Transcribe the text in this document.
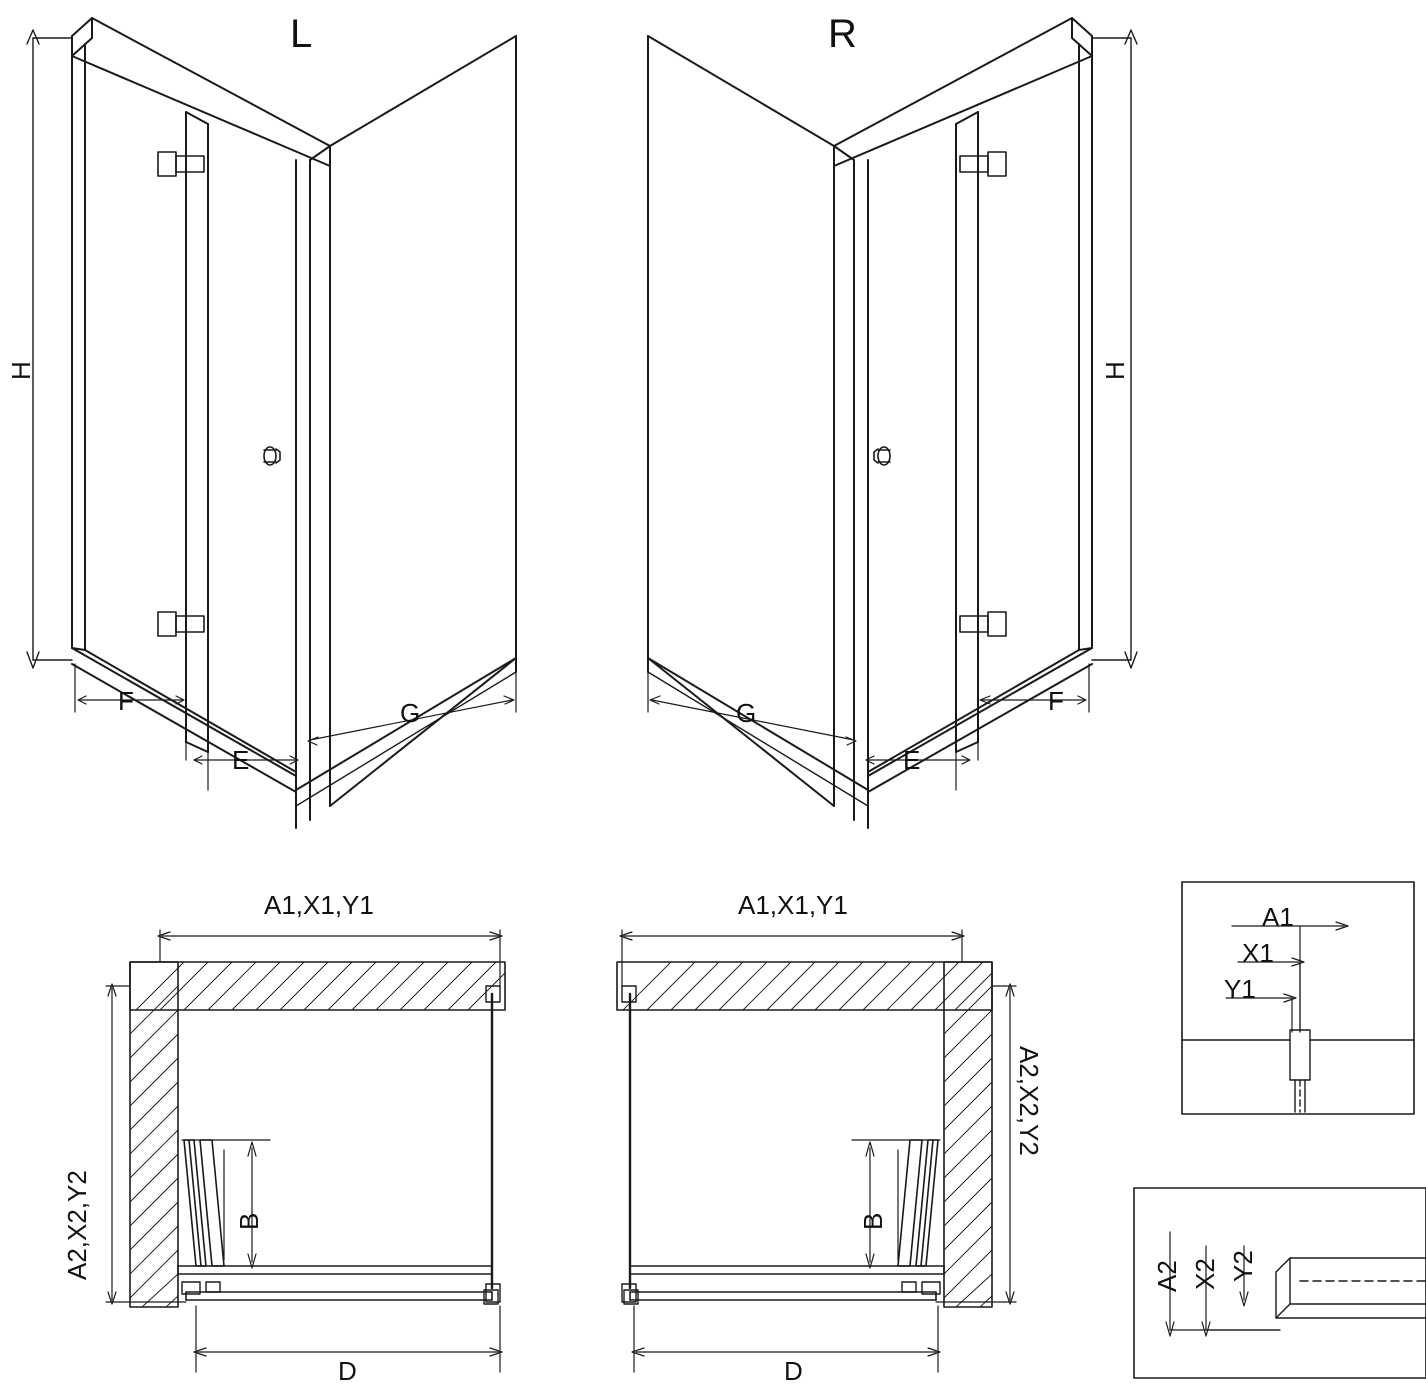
L	R
H	H
F
E
G	G
E
F
A1,X1,Y1
A2,X2,Y2	B
D
A1,X1,Y1
A2,X2,Y2
B
D
A1
X1
Y1
A2 X2 Y2
